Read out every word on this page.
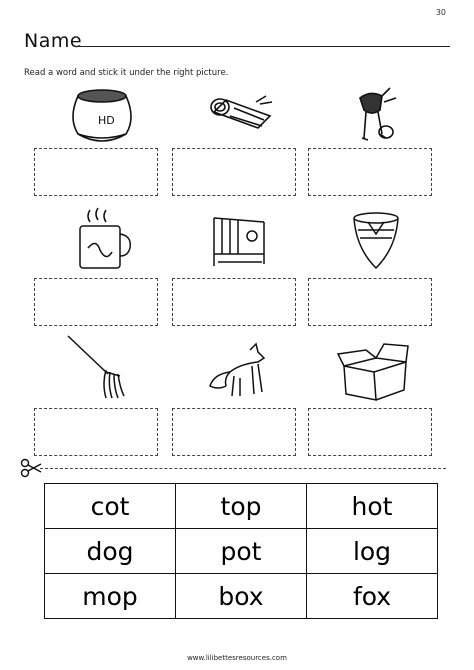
30
Name
Read a word and stick it under the right picture.
HD
cot	top	hot
dog	pot	log
mop	box	fox
www.lilibettesresources.com
